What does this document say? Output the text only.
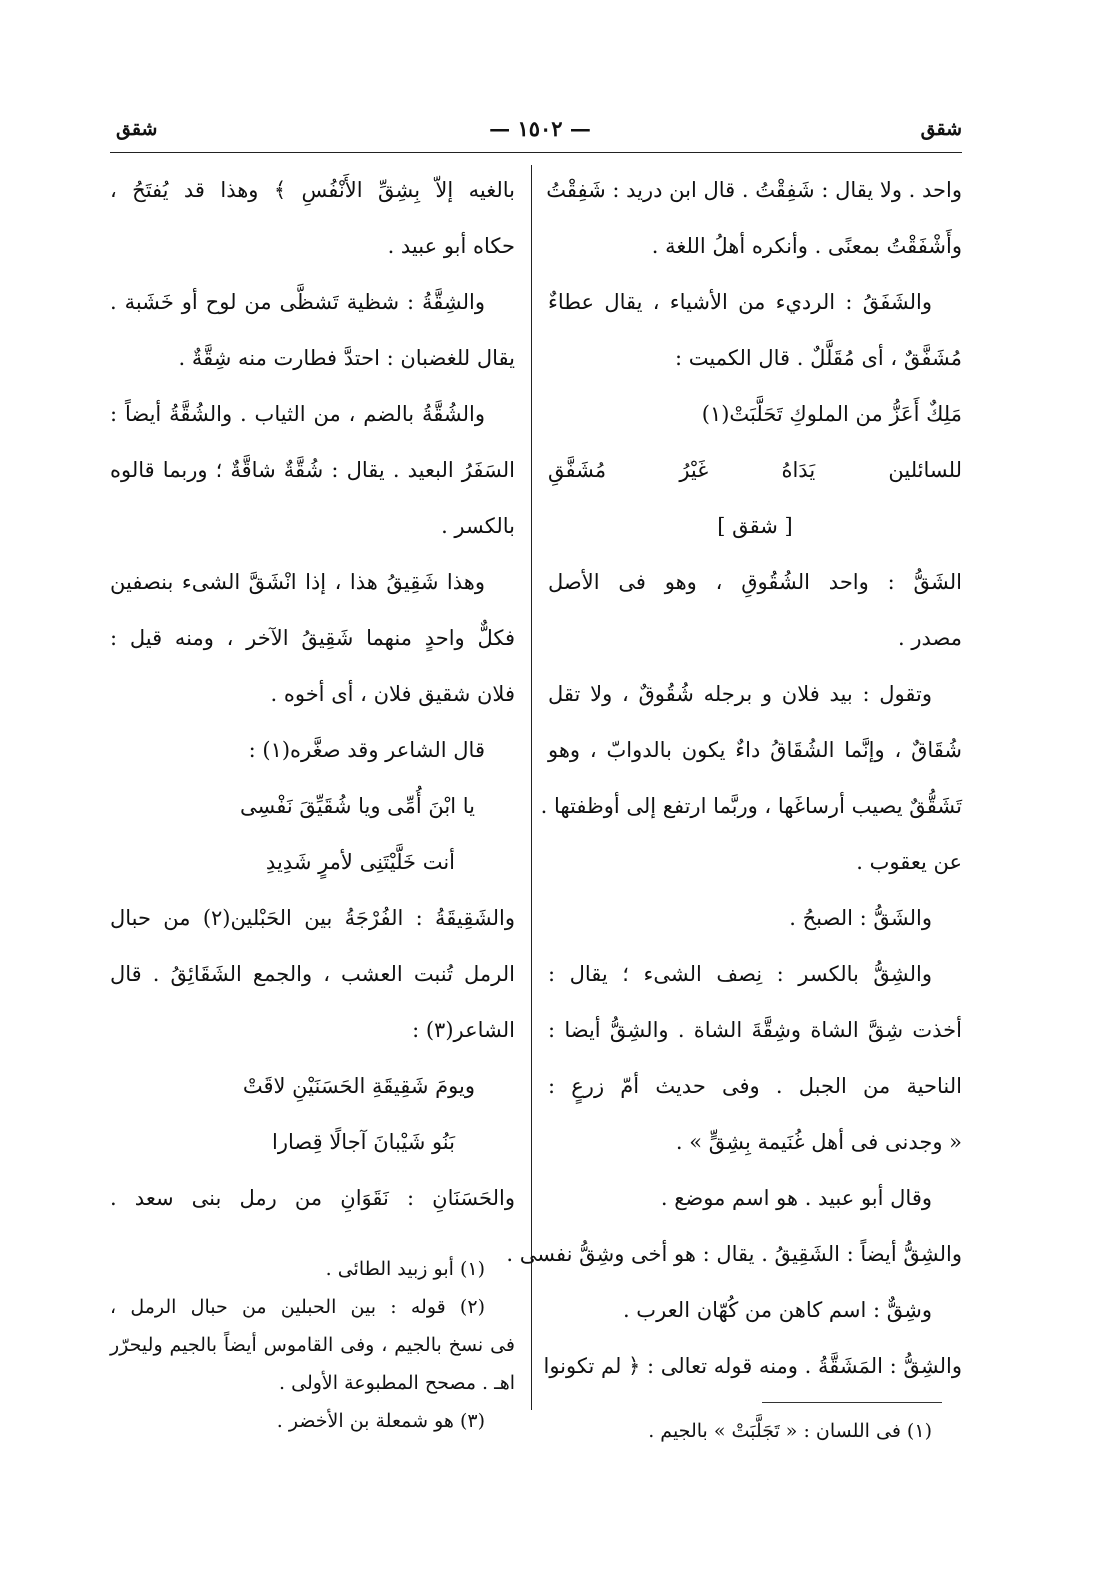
شقق
— ١٥٠٢ —
شقق
واحد . ولا يقال : شَفِقْتُ . قال ابن دريد : شَفِقْتُ
وأَشْفَقْتُ بمعنًى . وأنكره أهلُ اللغة .
والشَفَقُ : الرديء من الأشياء ، يقال عطاءٌ
مُشَفَّقٌ ، أى مُقَلَّلٌ . قال الكميت :
مَلِكٌ أَعَزُّ من الملوكِ تَحَلَّبَتْ(١)
للسائلين يَدَاهُ غَيْرُ مُشَفَّقِ
[ شقق ]
الشَقُّ : واحد الشُقُوقِ ، وهو فى الأصل
مصدر .
وتقول : بيد فلان و برجله شُقُوقٌ ، ولا تقل
شُقَاقٌ ، وإنَّما الشُقَاقُ داءٌ يكون بالدوابّ ، وهو
تَشَقُّقٌ يصيب أرساغَها ، وربَّما ارتفع إلى أوظفتها .
عن يعقوب .
والشَقُّ : الصبحُ .
والشِقُّ بالكسر : نِصف الشىء ؛ يقال :
أخذت شِقَّ الشاة وشِقَّةَ الشاة . والشِقُّ أيضا :
الناحية من الجبل . وفى حديث أمّ زرعٍ :
« وجدنى فى أهل غُنَيمة بِشِقٍّ » .
وقال أبو عبيد . هو اسم موضع .
والشِقُّ أيضاً : الشَقِيقُ . يقال : هو أخى وشِقُّ نفسى .
وشِقٌّ : اسم كاهن من كُهّان العرب .
والشِقُّ : المَشَقَّةُ . ومنه قوله تعالى : ﴿ لم تكونوا
(١) فى اللسان : « تَجَلَّبَتْ » بالجيم .
بالغيه إلاّ بِشِقِّ الأَنْفُسِ ﴾ وهذا قد يُفتَحُ ،
حكاه أبو عبيد .
والشِقَّةُ : شظية تَشظَّى من لوح أو خَشَبة .
يقال للغضبان : احتدَّ فطارت منه شِقَّةٌ .
والشُقَّةُ بالضم ، من الثياب . والشُقَّةُ أيضاً :
السَفَرُ البعيد . يقال : شُقَّةٌ شاقَّةٌ ؛ وربما قالوه
بالكسر .
وهذا شَقِيقُ هذا ، إذا انْشَقَّ الشىء بنصفين
فكلٌّ واحدٍ منهما شَقِيقُ الآخر ، ومنه قيل :
فلان شقيق فلان ، أى أخوه .
قال الشاعر وقد صغَّره(١) :
يا ابْنَ أُمِّى ويا شُقَيِّقَ نَفْسِى
أنت خَلَّيْتَنِى لأمرٍ شَدِيدِ
والشَقِيقَةُ : الفُرْجَةُ بين الحَبْلين(٢) من حبال
الرمل تُنبت العشب ، والجمع الشَقَائِقُ . قال
الشاعر(٣) :
ويومَ شَقِيقَةِ الحَسَنَيْنِ لاقَتْ
بَنُو شَيْبانَ آجالًا قِصارا
والحَسَنَانِ : نَقَوَانِ من رمل بنى سعد .
(١) أبو زبيد الطائى .
(٢) قوله : بين الحبلين من حبال الرمل ،
فى نسخ بالجيم ، وفى القاموس أيضاً بالجيم وليحرّر
اهـ . مصحح المطبوعة الأولى .
(٣) هو شمعلة بن الأخضر .
